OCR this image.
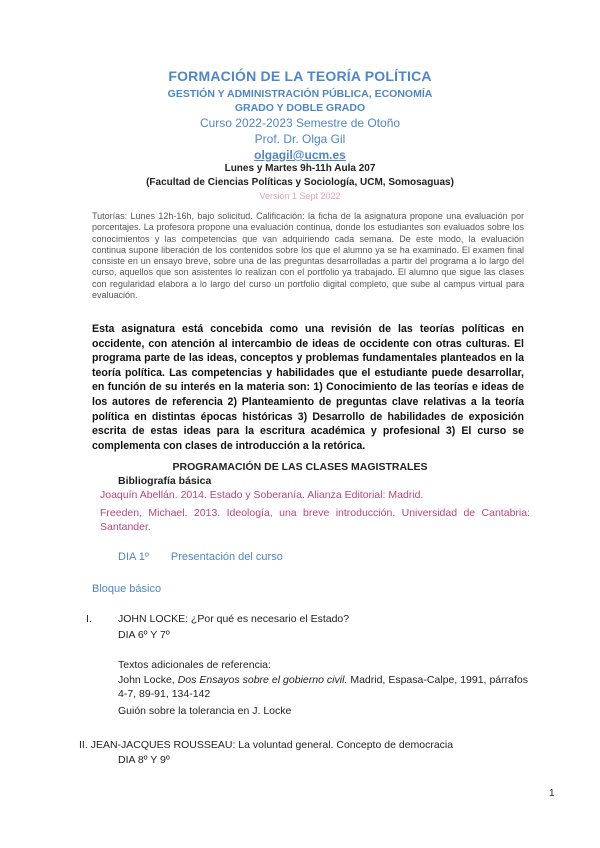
FORMACIÓN DE LA TEORÍA POLÍTICA
GESTIÓN Y ADMINISTRACIÓN PÚBLICA, ECONOMÍA
GRADO Y DOBLE GRADO
Curso 2022-2023 Semestre de Otoño
Prof. Dr. Olga Gil
olgagil@ucm.es
Lunes y Martes 9h-11h Aula 207
(Facultad de Ciencias Políticas y Sociología, UCM, Somosaguas)
Versión 1 Sept 2022
Tutorías: Lunes 12h-16h, bajo solicitud. Calificación: la ficha de la asignatura propone una evaluación por porcentajes. La profesora propone una evaluación continua, donde los estudiantes son evaluados sobre los conocimientos y las competencias que van adquiriendo cada semana. De este modo, la evaluación continua supone liberación de los contenidos sobre los que el alumno ya se ha examinado. El examen final consiste en un ensayo breve, sobre una de las preguntas desarrolladas a partir del programa a lo largo del curso, aquellos que son asistentes lo realizan con el portfolio ya trabajado. El alumno que sigue las clases con regularidad elabora a lo largo del curso un portfolio digital completo, que sube al campus virtual para evaluación.
Esta asignatura está concebida como una revisión de las teorías políticas en occidente, con atención al intercambio de ideas de occidente con otras culturas. El programa parte de las ideas, conceptos y problemas fundamentales planteados en la teoría política. Las competencias y habilidades que el estudiante puede desarrollar, en función de su interés en la materia son: 1) Conocimiento de las teorías e ideas de los autores de referencia 2) Planteamiento de preguntas clave relativas a la teoría política en distintas épocas históricas 3) Desarrollo de habilidades de exposición escrita de estas ideas para la escritura académica y profesional 3) El curso se complementa con clases de introducción a la retórica.
PROGRAMACIÓN DE LAS CLASES MAGISTRALES
Bibliografía básica
Joaquín Abellán. 2014. Estado y Soberanía. Alianza Editorial: Madrid.
Freeden, Michael. 2013. Ideología, una breve introducción. Universidad de Cantabria: Santander.
DIA 1º Presentación del curso
Bloque básico
I. JOHN LOCKE: ¿Por qué es necesario el Estado?
DIA 6º Y 7º
Textos adicionales de referencia:
John Locke, Dos Ensayos sobre el gobierno civil. Madrid, Espasa-Calpe, 1991, párrafos 4-7, 89-91, 134-142
Guión sobre la tolerancia en J. Locke
II. JEAN-JACQUES ROUSSEAU: La voluntad general. Concepto de democracia
DIA 8º Y 9º
1
